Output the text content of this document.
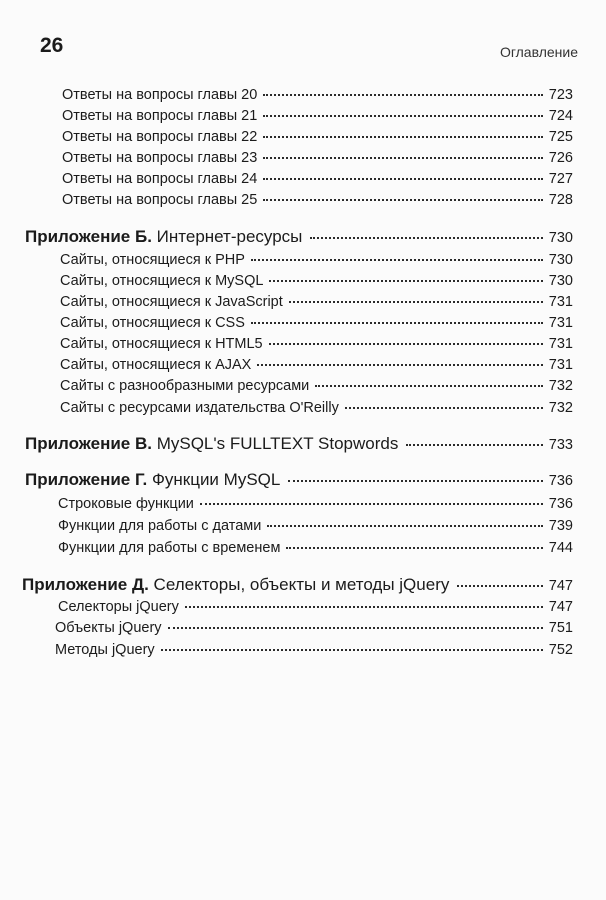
26	Оглавление
Ответы на вопросы главы 20	723
Ответы на вопросы главы 21	724
Ответы на вопросы главы 22	725
Ответы на вопросы главы 23	726
Ответы на вопросы главы 24	727
Ответы на вопросы главы 25	728
Приложение Б. Интернет-ресурсы	730
Сайты, относящиеся к PHP	730
Сайты, относящиеся к MySQL	730
Сайты, относящиеся к JavaScript	731
Сайты, относящиеся к CSS	731
Сайты, относящиеся к HTML5	731
Сайты, относящиеся к AJAX	731
Сайты с разнообразными ресурсами	732
Сайты с ресурсами издательства O'Reilly	732
Приложение В. MySQL's FULLTEXT Stopwords	733
Приложение Г. Функции MySQL	736
Строковые функции	736
Функции для работы с датами	739
Функции для работы с временем	744
Приложение Д. Селекторы, объекты и методы jQuery	747
Селекторы jQuery	747
Объекты jQuery	751
Методы jQuery	752
